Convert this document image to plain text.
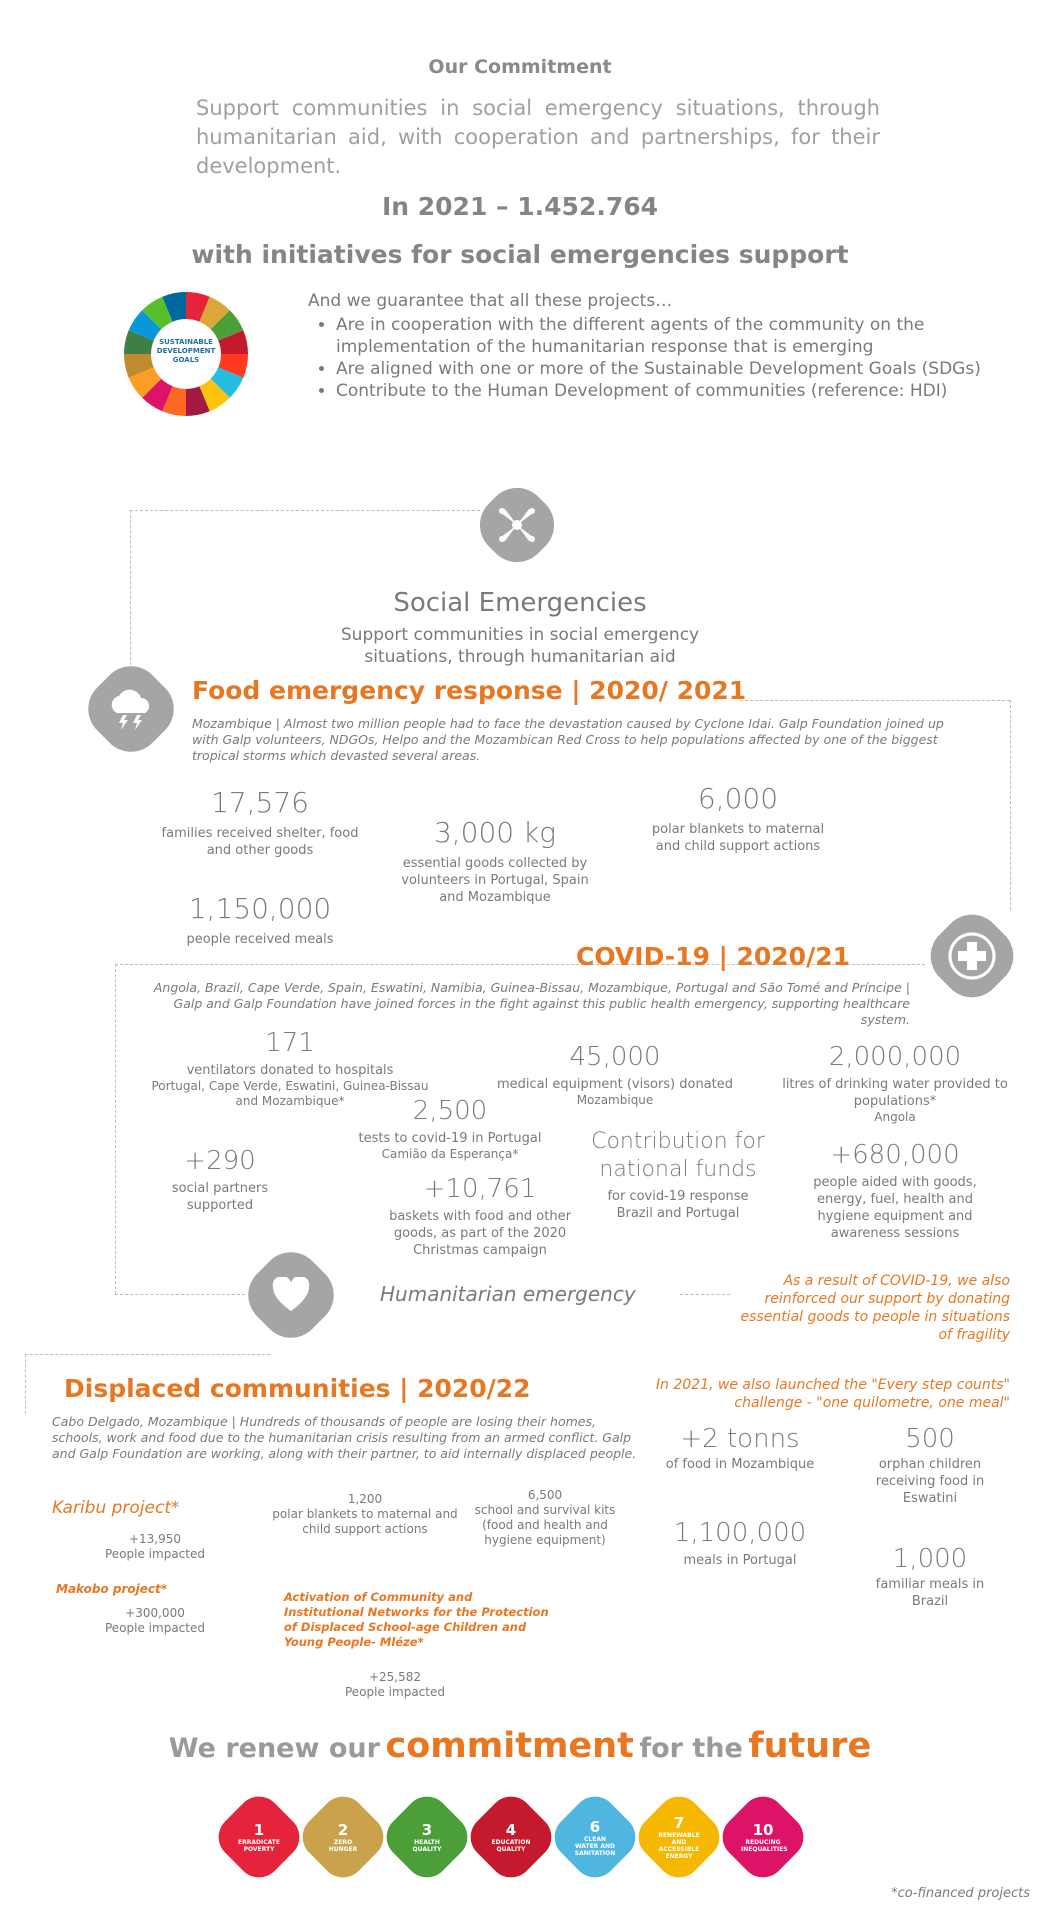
Our Commitment
Support communities in social emergency situations, through humanitarian aid, with cooperation and partnerships, for their development.
In 2021 – 1.452.764
with initiatives for social emergencies support
SUSTAINABLE DEVELOPMENT GOALS
And we guarantee that all these projects…
• Are in cooperation with the different agents of the community on the implementation of the humanitarian response that is emerging
• Are aligned with one or more of the Sustainable Development Goals (SDGs)
• Contribute to the Human Development of communities (reference: HDI)
Social Emergencies
Support communities in social emergency situations, through humanitarian aid
Food emergency response | 2020/ 2021
Mozambique | Almost two million people had to face the devastation caused by Cyclone Idai. Galp Foundation joined up with Galp volunteers, NDGOs, Helpo and the Mozambican Red Cross to help populations affected by one of the biggest tropical storms which devasted several areas.
17,576
families received shelter, food and other goods
3,000 kg
essential goods collected by volunteers in Portugal, Spain and Mozambique
6,000
polar blankets to maternal and child support actions
1,150,000
people received meals
COVID-19 | 2020/21
Angola, Brazil, Cape Verde, Spain, Eswatini, Namibia, Guinea-Bissau, Mozambique, Portugal and São Tomé and Príncipe | Galp and Galp Foundation have joined forces in the fight against this public health emergency, supporting healthcare system.
171
ventilators donated to hospitals
Portugal, Cape Verde, Eswatini, Guinea-Bissau and Mozambique*
45,000
medical equipment (visors) donated
Mozambique
2,000,000
litres of drinking water provided to populations*
Angola
2,500
tests to covid-19 in Portugal
Camião da Esperança*
+290
social partners supported
Contribution for national funds
for covid-19 response
Brazil and Portugal
+680,000
people aided with goods, energy, fuel, health and hygiene equipment and awareness sessions
+10,761
baskets with food and other goods, as part of the 2020 Christmas campaign
Humanitarian emergency
As a result of COVID-19, we also reinforced our support by donating essential goods to people in situations of fragility
Displaced communities | 2020/22
Cabo Delgado, Mozambique | Hundreds of thousands of people are losing their homes, schools, work and food due to the humanitarian crisis resulting from an armed conflict. Galp and Galp Foundation are working, along with their partner, to aid internally displaced people.
Karibu project*
+13,950
People impacted
Makobo project*
+300,000
People impacted
1,200
polar blankets to maternal and child support actions
6,500
school and survival kits (food and health and hygiene equipment)
Activation of Community and Institutional Networks for the Protection of Displaced School-age Children and Young People- Mléze*
+25,582
People impacted
In 2021, we also launched the "Every step counts" challenge - "one quilometre, one meal"
+2 tonns
of food in Mozambique
500
orphan children receiving food in Eswatini
1,100,000
meals in Portugal	1,000
familiar meals in Brazil
We renew our commitment for the future
1
ERRADICATE POVERTY
2
ZERO HUNGER
3
HEALTH QUALITY
4
EDUCATION QUALITY
6
CLEAN WATER AND SANITATION
7
RENEWABLE AND ACCESSIBLE ENERGY
10
REDUCING INEQUALITIES
*co-financed projects
